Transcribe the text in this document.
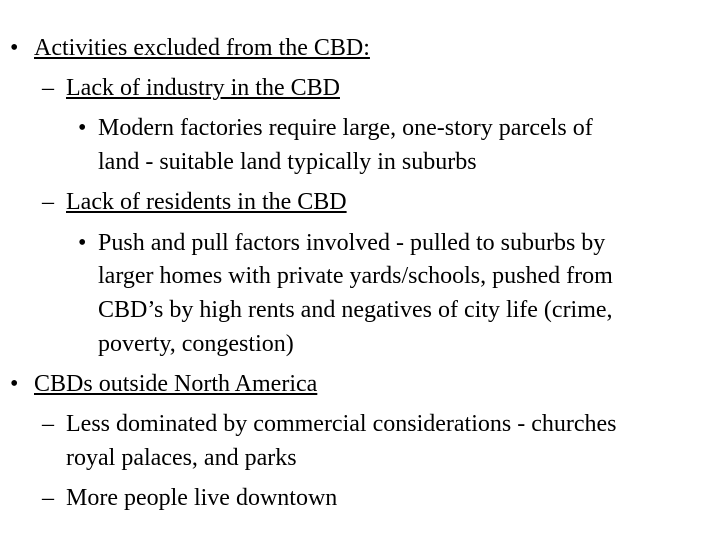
• Activities excluded from the CBD:
– Lack of industry in the CBD
• Modern factories require large, one-story parcels of
land - suitable land typically in suburbs
– Lack of residents in the CBD
• Push and pull factors involved - pulled to suburbs by
larger homes with private yards/schools, pushed from
CBD’s by high rents and negatives of city life (crime,
poverty, congestion)
• CBDs outside North America
– Less dominated by commercial considerations - churches
royal palaces, and parks
– More people live downtown
